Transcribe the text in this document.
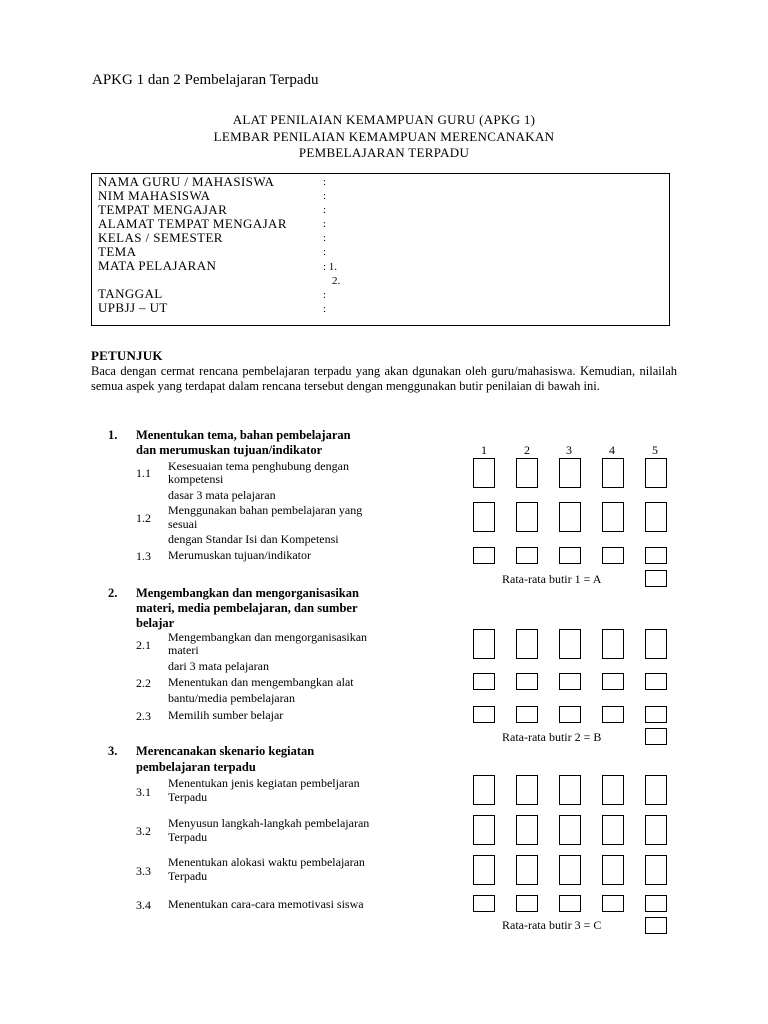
APKG 1 dan 2 Pembelajaran Terpadu
ALAT PENILAIAN KEMAMPUAN GURU (APKG 1)
LEMBAR PENILAIAN KEMAMPUAN MERENCANAKAN
PEMBELAJARAN TERPADU
NAMA GURU / MAHASISWA	:
NIM MAHASISWA	:
TEMPAT MENGAJAR	:
ALAMAT TEMPAT MENGAJAR	:
KELAS / SEMESTER	:
TEMA	:
MATA PELAJARAN	: 1.
2.
TANGGAL	:
UPBJJ – UT	:
PETUNJUK
Baca dengan cermat rencana pembelajaran terpadu yang akan dgunakan oleh guru/mahasiswa. Kemudian, nilailah semua aspek yang terdapat dalam rencana tersebut dengan menggunakan butir penilaian di bawah ini.
1	2	3	4	5
1. Menentukan tema, bahan pembelajaran
dan merumuskan tujuan/indikator
1.1 Kesesuaian tema penghubung dengan
kompetensi
dasar 3 mata pelajaran
1.2
Menggunakan bahan pembelajaran yang
sesuai
dengan Standar Isi dan Kompetensi
1.3 Merumuskan tujuan/indikator
Rata-rata butir 1 = A
2. Mengembangkan dan mengorganisasikan
materi, media pembelajaran, dan sumber
belajar
2.1
Mengembangkan dan mengorganisasikan
materi
dari 3 mata pelajaran
2.2 Menentukan dan mengembangkan alat
bantu/media pembelajaran
2.3 Memilih sumber belajar
Rata-rata butir 2 = B
3. Merencanakan skenario kegiatan
pembelajaran terpadu
3.1
Menentukan jenis kegiatan pembeljaran
Terpadu
3.2
Menyusun langkah-langkah pembelajaran
Terpadu
3.3
Menentukan alokasi waktu pembelajaran
Terpadu
3.4 Menentukan cara-cara memotivasi siswa
Rata-rata butir 3 = C
